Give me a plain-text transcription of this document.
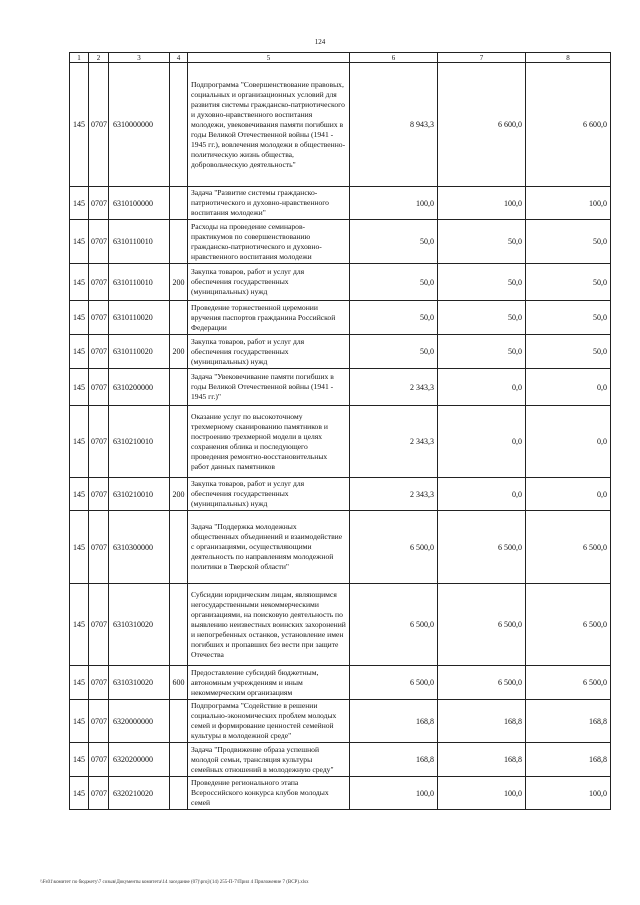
124
1	2	3	4	5	6	7	8
145	0707	6310000000		Подпрограмма "Совершенствование правовых, социальных и организационных условий для развития системы гражданско-патриотического и духовно-нравственного воспитания молодежи, увековечивания памяти погибших в годы Великой Отечественной войны (1941 - 1945 гг.), вовлечения молодежи в общественно-политическую жизнь общества, добровольческую деятельность"	8 943,3	6 600,0	6 600,0
145	0707	6310100000		Задача "Развитие системы гражданско-патриотического и духовно-нравственного воспитания молодежи"	100,0	100,0	100,0
145	0707	6310110010		Расходы на проведение семинаров-практикумов по совершенствованию гражданско-патриотического и духовно-нравственного воспитания молодежи	50,0	50,0	50,0
145	0707	6310110010	200	Закупка товаров, работ и услуг для обеспечения государственных (муниципальных) нужд	50,0	50,0	50,0
145	0707	6310110020		Проведение торжественной церемонии вручения паспортов гражданина Российской Федерации	50,0	50,0	50,0
145	0707	6310110020	200	Закупка товаров, работ и услуг для обеспечения государственных (муниципальных) нужд	50,0	50,0	50,0
145	0707	6310200000		Задача "Увековечивание памяти погибших в годы Великой Отечественной войны (1941 - 1945 гг.)"	2 343,3	0,0	0,0
145	0707	6310210010		Оказание услуг по высокоточному трехмерному сканированию памятников и построению трехмерной модели в целях сохранения облика и последующего проведения ремонтно-восстановительных работ данных памятников	2 343,3	0,0	0,0
145	0707	6310210010	200	Закупка товаров, работ и услуг для обеспечения государственных (муниципальных) нужд	2 343,3	0,0	0,0
145	0707	6310300000		Задача "Поддержка молодежных общественных объединений и взаимодействие с организациями, осуществляющими деятельность по направлениям молодежной политики в Тверской области"	6 500,0	6 500,0	6 500,0
145	0707	6310310020		Субсидии юридическим лицам, являющимся негосударственными некоммерческими организациями, на поисковую деятельность по выявлению неизвестных воинских захоронений и непогребенных останков, установление имен погибших и пропавших без вести при защите Отечества	6 500,0	6 500,0	6 500,0
145	0707	6310310020	600	Предоставление субсидий бюджетным, автономным учреждениям и иным некоммерческим организациям	6 500,0	6 500,0	6 500,0
145	0707	6320000000		Подпрограмма "Содействие в решении социально-экономических проблем молодых семей и формирование ценностей семейной культуры в молодежной среде"	168,8	168,8	168,8
145	0707	6320200000		Задача "Продвижение образа успешной молодой семьи, трансляция культуры семейных отношений в молодежную среду"	168,8	168,8	168,8
145	0707	6320210020		Проведение регионального этапа Всероссийского конкурса клубов молодых семей	100,0	100,0	100,0
\\Fs01\комитет по бюджету\7 созыв\Документы комитета\14 заседание (07)\proj\(14) 255-П-7\Прил 4 Приложение 7 (ВСР).xlsx
